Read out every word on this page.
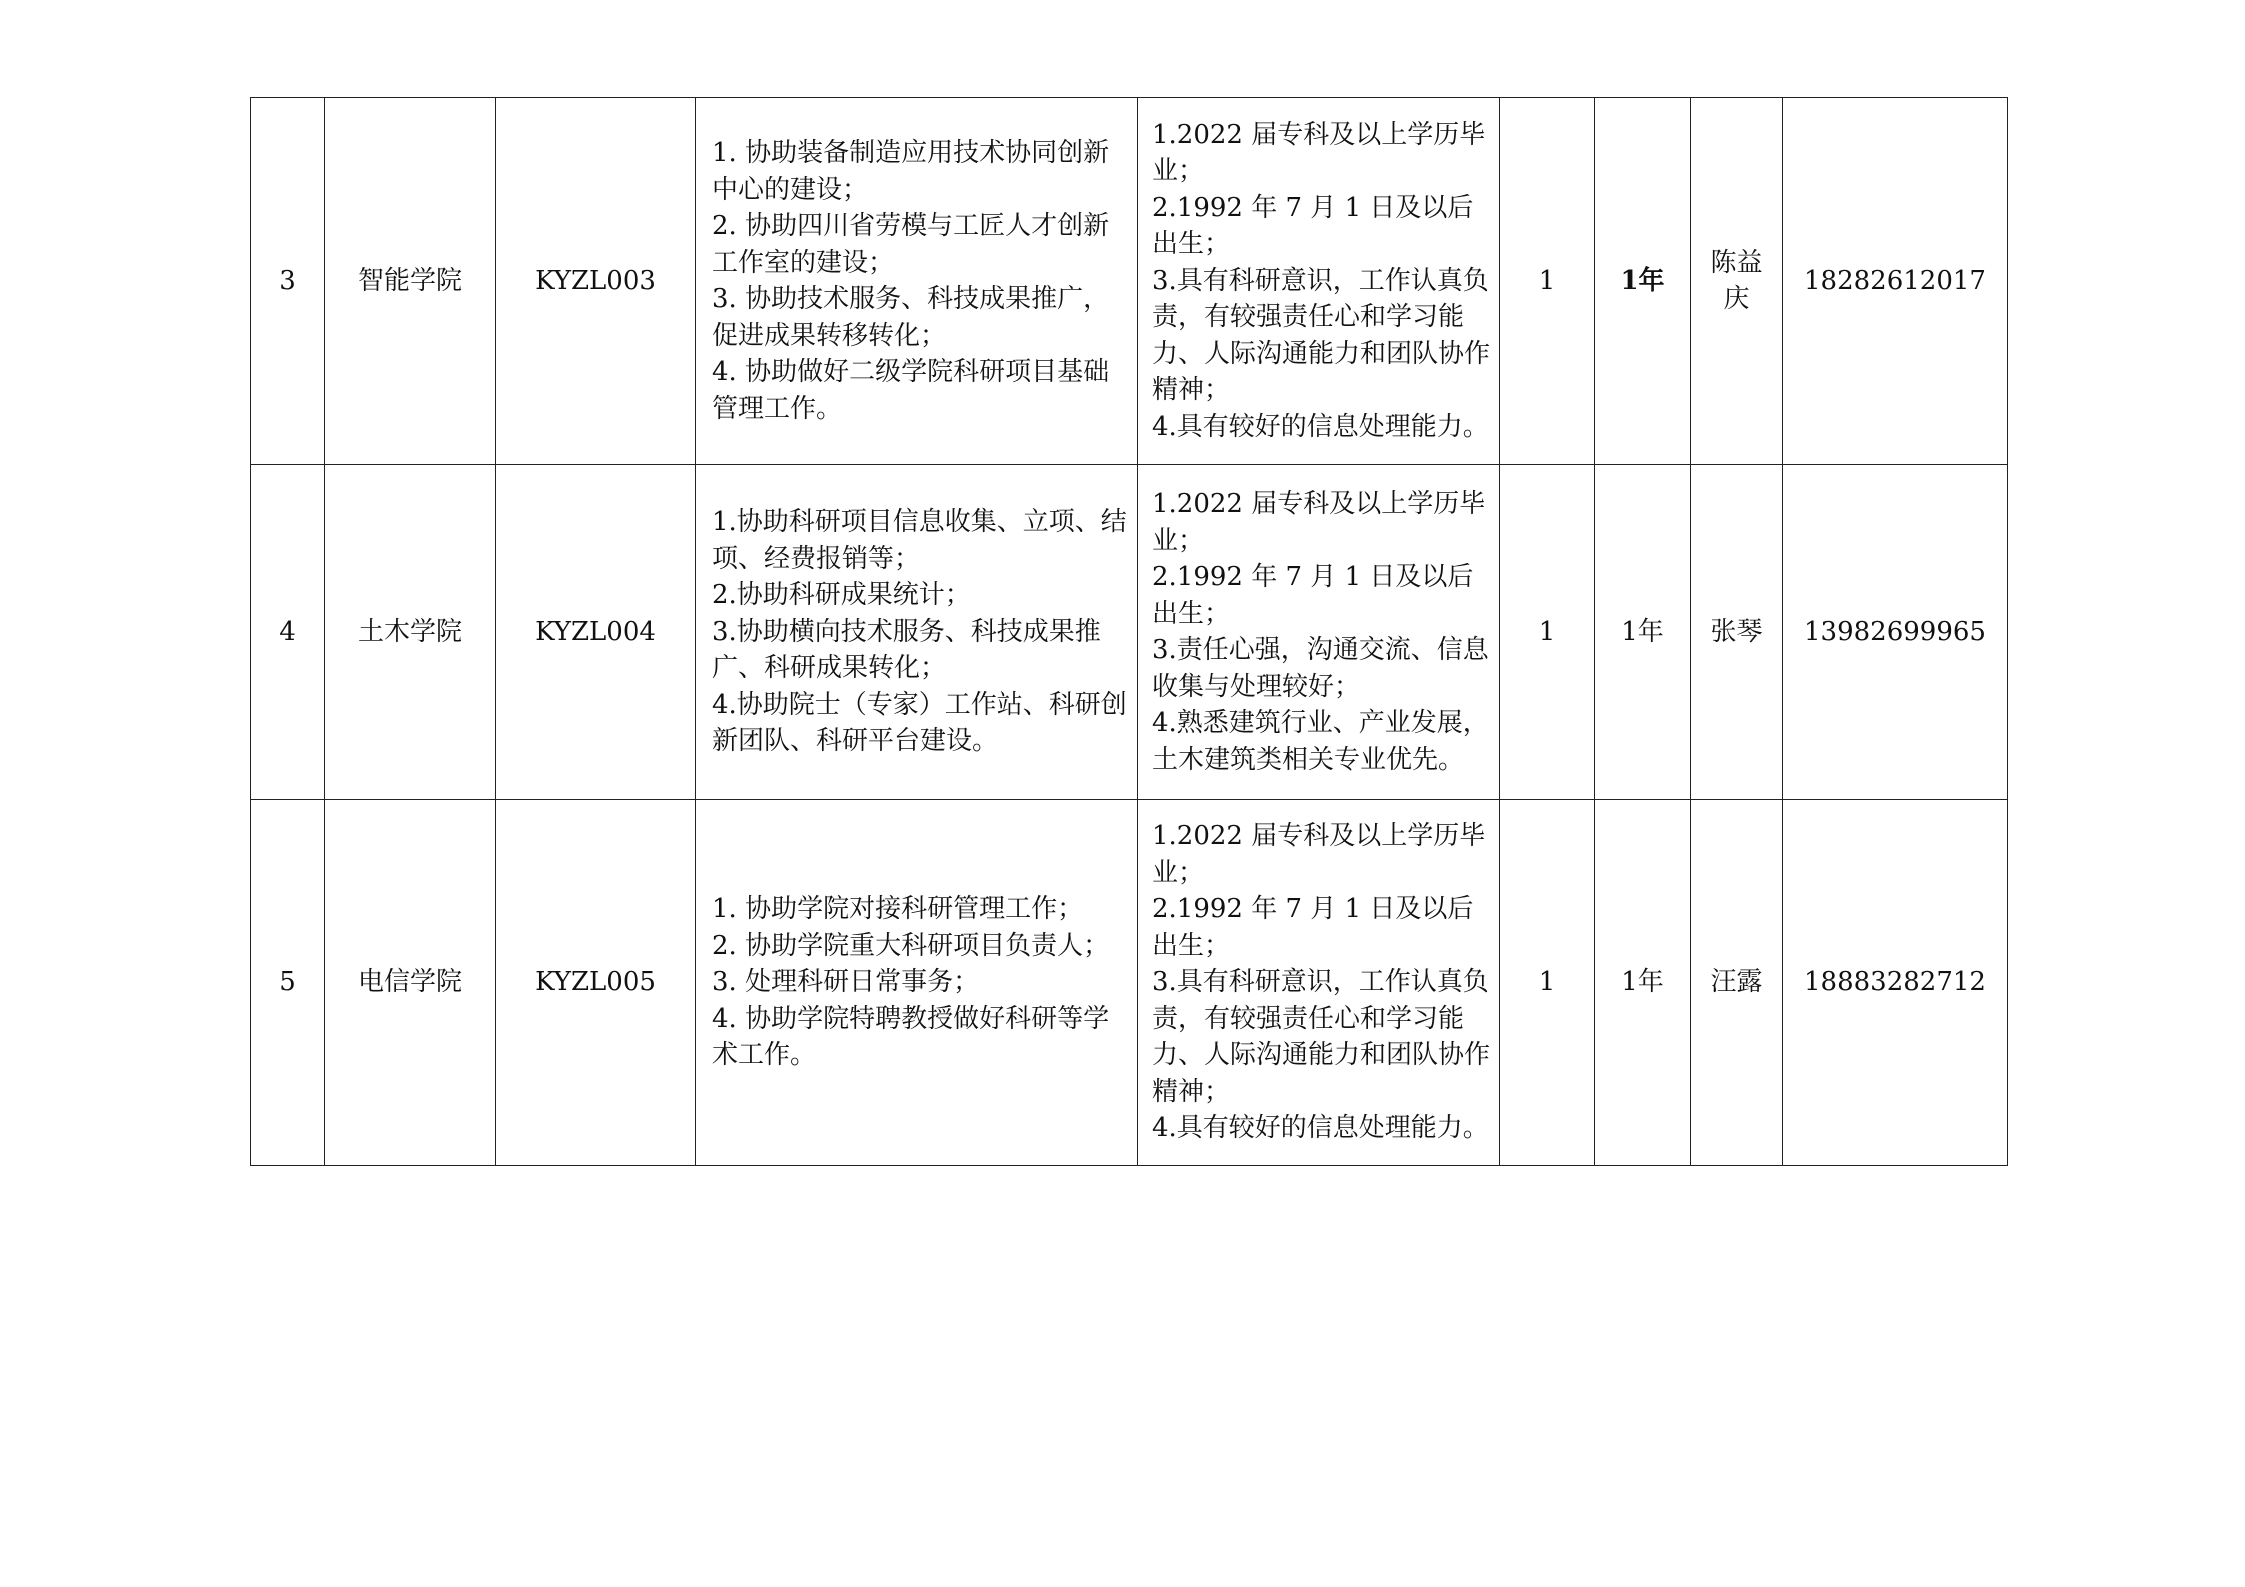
3	智能学院	KYZL003	1. 协助装备制造应用技术协同创新中心的建设；
2. 协助四川省劳模与工匠人才创新工作室的建设；
3. 协助技术服务、科技成果推广，促进成果转移转化；
4. 协助做好二级学院科研项目基础管理工作。	1.2022 届专科及以上学历毕业；
2.1992 年 7 月 1 日及以后出生；
3.具有科研意识，工作认真负责，有较强责任心和学习能力、人际沟通能力和团队协作精神；
4.具有较好的信息处理能力。	1	1年	陈益庆	18282612017
4	土木学院	KYZL004	1.协助科研项目信息收集、立项、结项、经费报销等；
2.协助科研成果统计；
3.协助横向技术服务、科技成果推广、科研成果转化；
4.协助院士（专家）工作站、科研创新团队、科研平台建设。	1.2022 届专科及以上学历毕业；
2.1992 年 7 月 1 日及以后出生；
3.责任心强，沟通交流、信息收集与处理较好；
4.熟悉建筑行业、产业发展，土木建筑类相关专业优先。	1	1年	张琴	13982699965
5	电信学院	KYZL005	1. 协助学院对接科研管理工作；
2. 协助学院重大科研项目负责人；
3. 处理科研日常事务；
4. 协助学院特聘教授做好科研等学术工作。	1.2022 届专科及以上学历毕业；
2.1992 年 7 月 1 日及以后出生；
3.具有科研意识，工作认真负责，有较强责任心和学习能力、人际沟通能力和团队协作精神；
4.具有较好的信息处理能力。	1	1年	汪露	18883282712
